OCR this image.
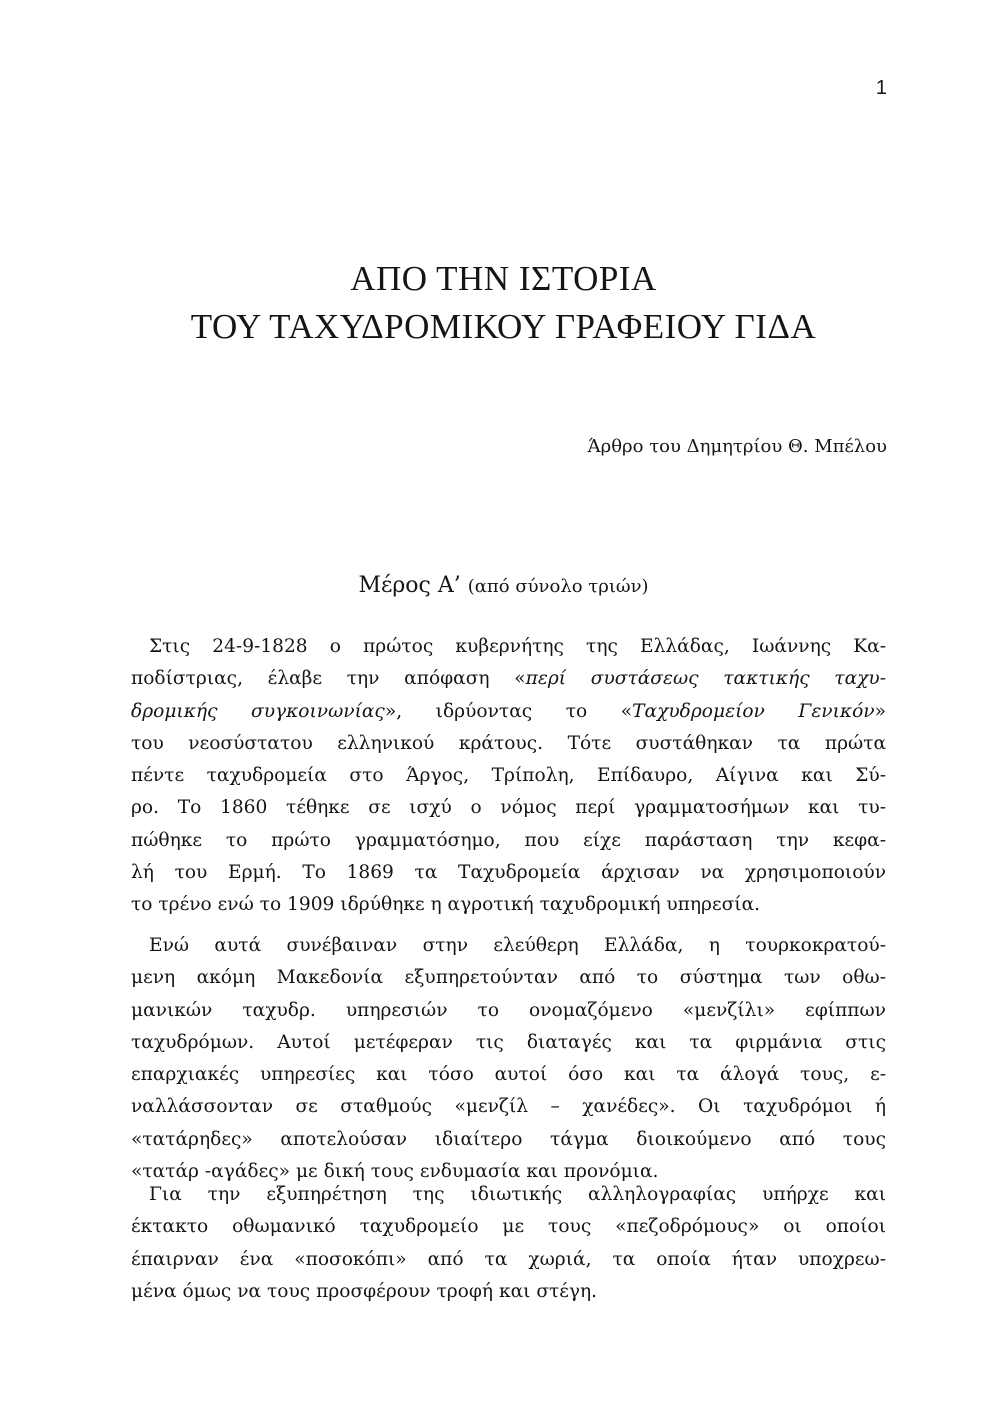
1
ΑΠΟ ΤΗΝ ΙΣΤΟΡΙΑ
ΤΟΥ ΤΑΧΥΔΡΟΜΙΚΟΥ ΓΡΑΦΕΙΟΥ ΓΙΔΑ

Άρθρο του Δημητρίου Θ. Μπέλου

Μέρος Α’ (από σύνολο τριών)
Στις 24-9-1828 ο πρώτος κυβερνήτης της Ελλάδας, Ιωάννης Κα-
ποδίστριας, έλαβε την απόφαση «περί συστάσεως τακτικής ταχυ-
δρομικής συγκοινωνίας», ιδρύοντας το «Ταχυδρομείον Γενικόν»
του νεοσύστατου ελληνικού κράτους. Τότε συστάθηκαν τα πρώτα
πέντε ταχυδρομεία στο Άργος, Τρίπολη, Επίδαυρο, Αίγινα και Σύ-
ρο. Το 1860 τέθηκε σε ισχύ ο νόμος περί γραμματοσήμων και τυ-
πώθηκε το πρώτο γραμματόσημο, που είχε παράσταση την κεφα-
λή του Ερμή. Το 1869 τα Ταχυδρομεία άρχισαν να χρησιμοποιούν
το τρένο ενώ το 1909 ιδρύθηκε η αγροτική ταχυδρομική υπηρεσία.
Ενώ αυτά συνέβαιναν στην ελεύθερη Ελλάδα, η τουρκοκρατού-
μενη ακόμη Μακεδονία εξυπηρετούνταν από το σύστημα των οθω-
μανικών ταχυδρ. υπηρεσιών το ονομαζόμενο «μενζίλι» εφίππων
ταχυδρόμων. Αυτοί μετέφεραν τις διαταγές και τα φιρμάνια στις
επαρχιακές υπηρεσίες και τόσο αυτοί όσο και τα άλογά τους, ε-
ναλλάσσονταν σε σταθμούς «μενζίλ – χανέδες». Οι ταχυδρόμοι ή
«τατάρηδες» αποτελούσαν ιδιαίτερο τάγμα διοικούμενο από τους
«τατάρ -αγάδες» με δική τους ενδυμασία και προνόμια.
Για την εξυπηρέτηση της ιδιωτικής αλληλογραφίας υπήρχε και
έκτακτο οθωμανικό ταχυδρομείο με τους «πεζοδρόμους» οι οποίοι
έπαιρναν ένα «ποσοκόπι» από τα χωριά, τα οποία ήταν υποχρεω-
μένα όμως να τους προσφέρουν τροφή και στέγη.
